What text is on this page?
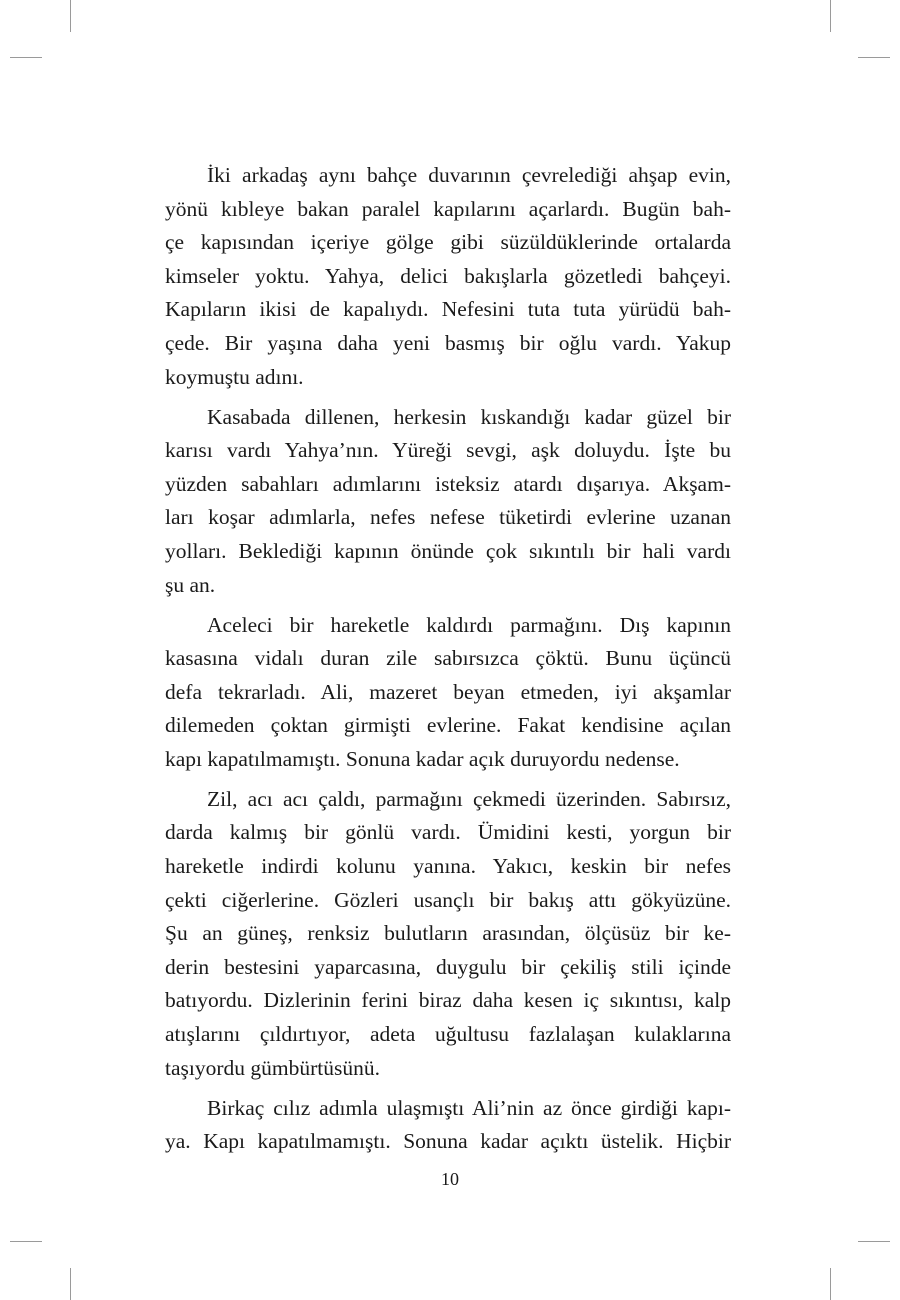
İki arkadaş aynı bahçe duvarının çevrelediği ahşap evin,
yönü kıbleye bakan paralel kapılarını açarlardı. Bugün bah-
çe kapısından içeriye gölge gibi süzüldüklerinde ortalarda
kimseler yoktu. Yahya, delici bakışlarla gözetledi bahçeyi.
Kapıların ikisi de kapalıydı. Nefesini tuta tuta yürüdü bah-
çede. Bir yaşına daha yeni basmış bir oğlu vardı. Yakup
koymuştu adını.
Kasabada dillenen, herkesin kıskandığı kadar güzel bir
karısı vardı Yahya’nın. Yüreği sevgi, aşk doluydu. İşte bu
yüzden sabahları adımlarını isteksiz atardı dışarıya. Akşam-
ları koşar adımlarla, nefes nefese tüketirdi evlerine uzanan
yolları. Beklediği kapının önünde çok sıkıntılı bir hali vardı
şu an.
Aceleci bir hareketle kaldırdı parmağını. Dış kapının
kasasına vidalı duran zile sabırsızca çöktü. Bunu üçüncü
defa tekrarladı. Ali, mazeret beyan etmeden, iyi akşamlar
dilemeden çoktan girmişti evlerine. Fakat kendisine açılan
kapı kapatılmamıştı. Sonuna kadar açık duruyordu nedense.
Zil, acı acı çaldı, parmağını çekmedi üzerinden. Sabırsız,
darda kalmış bir gönlü vardı. Ümidini kesti, yorgun bir
hareketle indirdi kolunu yanına. Yakıcı, keskin bir nefes
çekti ciğerlerine. Gözleri usançlı bir bakış attı gökyüzüne.
Şu an güneş, renksiz bulutların arasından, ölçüsüz bir ke-
derin bestesini yaparcasına, duygulu bir çekiliş stili içinde
batıyordu. Dizlerinin ferini biraz daha kesen iç sıkıntısı, kalp
atışlarını çıldırtıyor, adeta uğultusu fazlalaşan kulaklarına
taşıyordu gümbürtüsünü.
Birkaç cılız adımla ulaşmıştı Ali’nin az önce girdiği kapı-
ya. Kapı kapatılmamıştı. Sonuna kadar açıktı üstelik. Hiçbir
10
